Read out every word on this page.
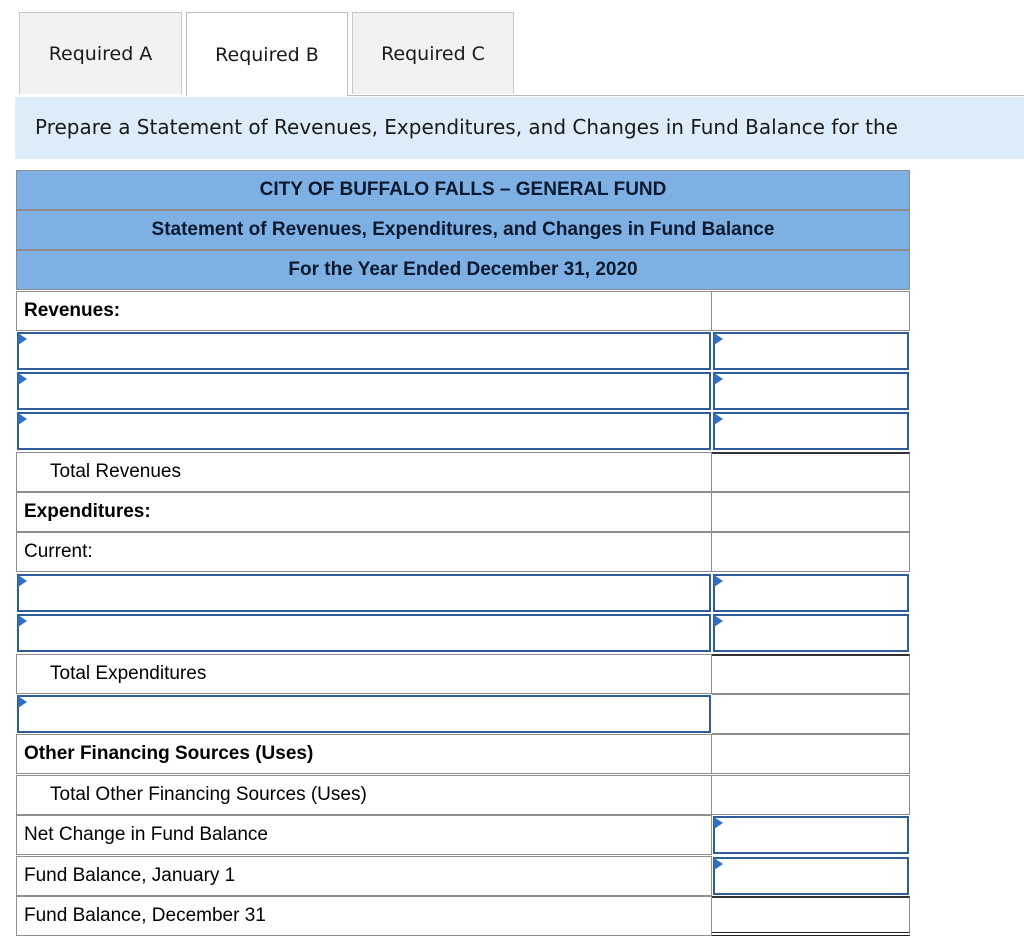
Required A	Required B	Required C
Prepare a Statement of Revenues, Expenditures, and Changes in Fund Balance for the
CITY OF BUFFALO FALLS – GENERAL FUND
Statement of Revenues, Expenditures, and Changes in Fund Balance
For the Year Ended December 31, 2020
Revenues:
Total Revenues
Expenditures:
Current:
Total Expenditures
Other Financing Sources (Uses)
Total Other Financing Sources (Uses)
Net Change in Fund Balance
Fund Balance, January 1
Fund Balance, December 31
